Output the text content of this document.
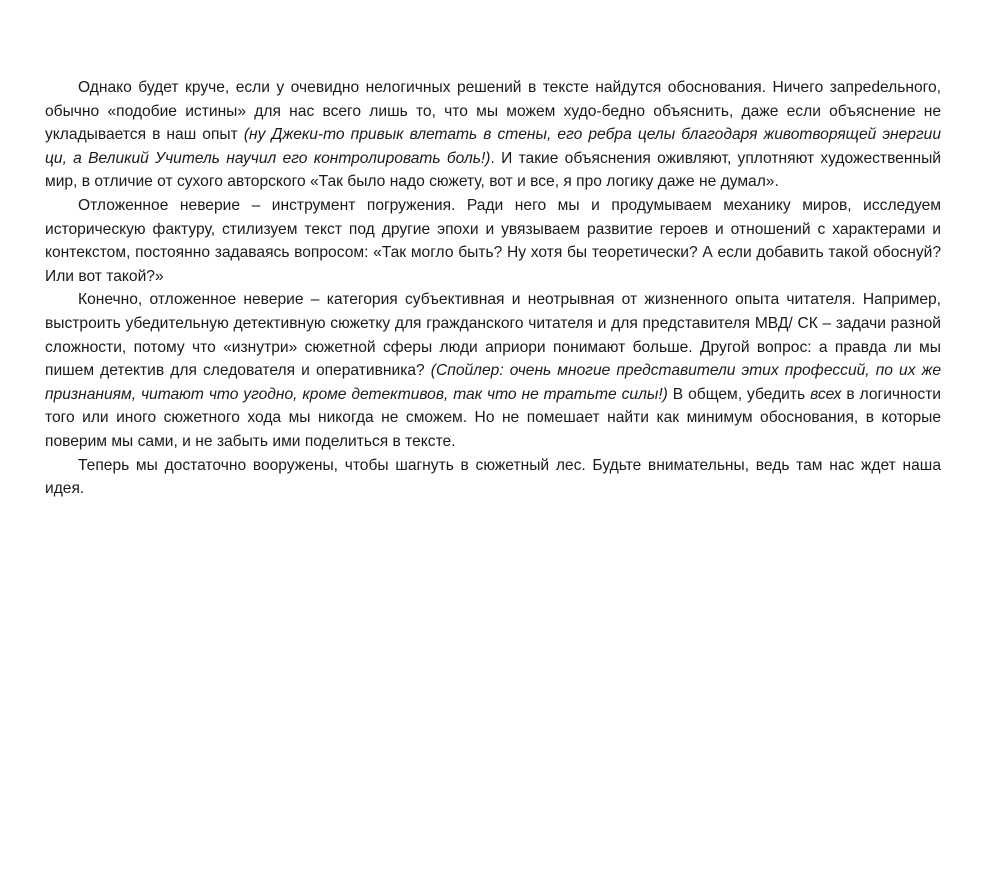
Однако будет круче, если у очевидно нелогичных решений в тексте найдутся обоснования. Ничего запреdельного, обычно «подобие истины» для нас всего лишь то, что мы можем худо-бедно объяснить, даже если объяснение не укладывается в наш опыт (ну Джеки-то привык влетать в стены, его ребра целы благодаря животворящей энергии ци, а Великий Учитель научил его контролировать боль!). И такие объяснения оживляют, уплотняют художественный мир, в отличие от сухого авторского «Так было надо сюжету, вот и все, я про логику даже не думал».

Отложенное неверие – инструмент погружения. Ради него мы и продумываем механику миров, исследуем историческую фактуру, стилизуем текст под другие эпохи и увязываем развитие героев и отношений с характерами и контекстом, постоянно задаваясь вопросом: «Так могло быть? Ну хотя бы теоретически? А если добавить такой обоснуй? Или вот такой?»

Конечно, отложенное неверие – категория субъективная и неотрывная от жизненного опыта читателя. Например, выстроить убедительную детективную сюжетку для гражданского читателя и для представителя МВД/ СК – задачи разной сложности, потому что «изнутри» сюжетной сферы люди априори понимают больше. Другой вопрос: а правда ли мы пишем детектив для следователя и оперативника? (Спойлер: очень многие представители этих профессий, по их же признаниям, читают что угодно, кроме детективов, так что не тратьте силы!) В общем, убедить всех в логичности того или иного сюжетного хода мы никогда не сможем. Но не помешает найти как минимум обоснования, в которые поверим мы сами, и не забыть ими поделиться в тексте.

Теперь мы достаточно вооружены, чтобы шагнуть в сюжетный лес. Будьте внимательны, ведь там нас ждет наша идея.
